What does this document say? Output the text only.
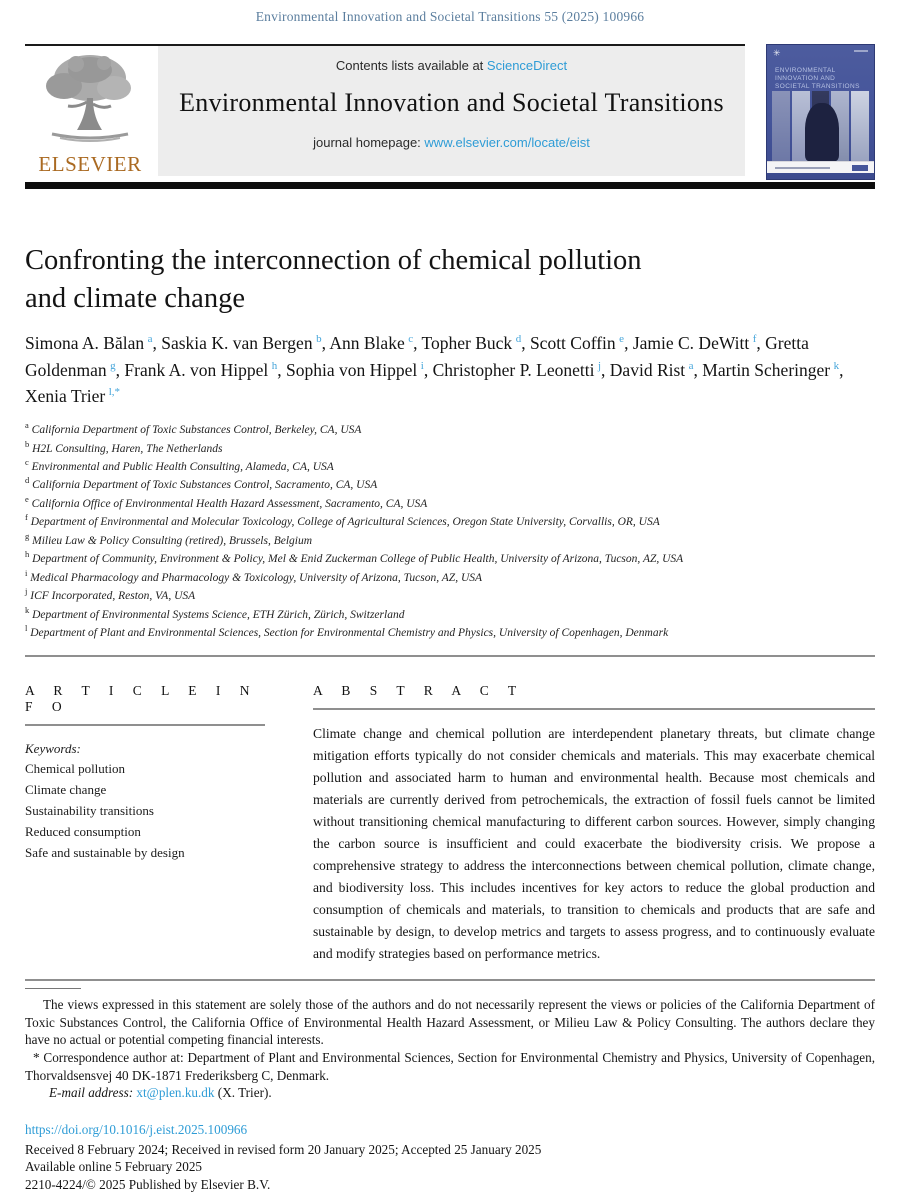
Environmental Innovation and Societal Transitions 55 (2025) 100966
ELSEVIER
Contents lists available at ScienceDirect
Environmental Innovation and Societal Transitions
journal homepage: www.elsevier.com/locate/eist
✳
ENVIRONMENTAL INNOVATION AND SOCIETAL TRANSITIONS
Confronting the interconnection of chemical pollution and climate change
Simona A. Bălan $^a$, Saskia K. van Bergen $^b$, Ann Blake $^c$, Topher Buck $^d$, Scott Coffin $^e$, Jamie C. DeWitt $^f$, Gretta Goldenman $^g$, Frank A. von Hippel $^h$, Sophia von Hippel $^i$, Christopher P. Leonetti $^j$, David Rist $^a$, Martin Scheringer $^k$, Xenia Trier $^{l,*}$
$^a$ California Department of Toxic Substances Control, Berkeley, CA, USA
$^b$ H2L Consulting, Haren, The Netherlands
$^c$ Environmental and Public Health Consulting, Alameda, CA, USA
$^d$ California Department of Toxic Substances Control, Sacramento, CA, USA
$^e$ California Office of Environmental Health Hazard Assessment, Sacramento, CA, USA
$^f$ Department of Environmental and Molecular Toxicology, College of Agricultural Sciences, Oregon State University, Corvallis, OR, USA
$^g$ Milieu Law & Policy Consulting (retired), Brussels, Belgium
$^h$ Department of Community, Environment & Policy, Mel & Enid Zuckerman College of Public Health, University of Arizona, Tucson, AZ, USA
$^i$ Medical Pharmacology and Pharmacology & Toxicology, University of Arizona, Tucson, AZ, USA
$^j$ ICF Incorporated, Reston, VA, USA
$^k$ Department of Environmental Systems Science, ETH Zürich, Zürich, Switzerland
$^l$ Department of Plant and Environmental Sciences, Section for Environmental Chemistry and Physics, University of Copenhagen, Denmark
A R T I C L E I N F O
Keywords:
Chemical pollution
Climate change
Sustainability transitions
Reduced consumption
Safe and sustainable by design
A B S T R A C T

Climate change and chemical pollution are interdependent planetary threats, but climate change mitigation efforts typically do not consider chemicals and materials. This may exacerbate chemical pollution and associated harm to human and environmental health. Because most chemicals and materials are currently derived from petrochemicals, the extraction of fossil fuels cannot be limited without transitioning chemical manufacturing to different carbon sources. However, simply changing the carbon source is insufficient and could exacerbate the biodiversity crisis. We propose a comprehensive strategy to address the interconnections between chemical pollution, climate change, and biodiversity loss. This includes incentives for key actors to reduce the global production and consumption of chemicals and materials, to transition to chemicals and products that are safe and sustainable by design, to develop metrics and targets to assess progress, and to continuously evaluate and modify strategies based on performance metrics.

The views expressed in this statement are solely those of the authors and do not necessarily represent the views or policies of the California Department of Toxic Substances Control, the California Office of Environmental Health Hazard Assessment, or Milieu Law & Policy Consulting. The authors declare they have no actual or potential competing financial interests.

* Correspondence author at: Department of Plant and Environmental Sciences, Section for Environmental Chemistry and Physics, University of Copenhagen, Thorvaldsensvej 40 DK-1871 Frederiksberg C, Denmark.

E-mail address: xt@plen.ku.dk (X. Trier).

https://doi.org/10.1016/j.eist.2025.100966
Received 8 February 2024; Received in revised form 20 January 2025; Accepted 25 January 2025
Available online 5 February 2025
2210-4224/© 2025 Published by Elsevier B.V.
